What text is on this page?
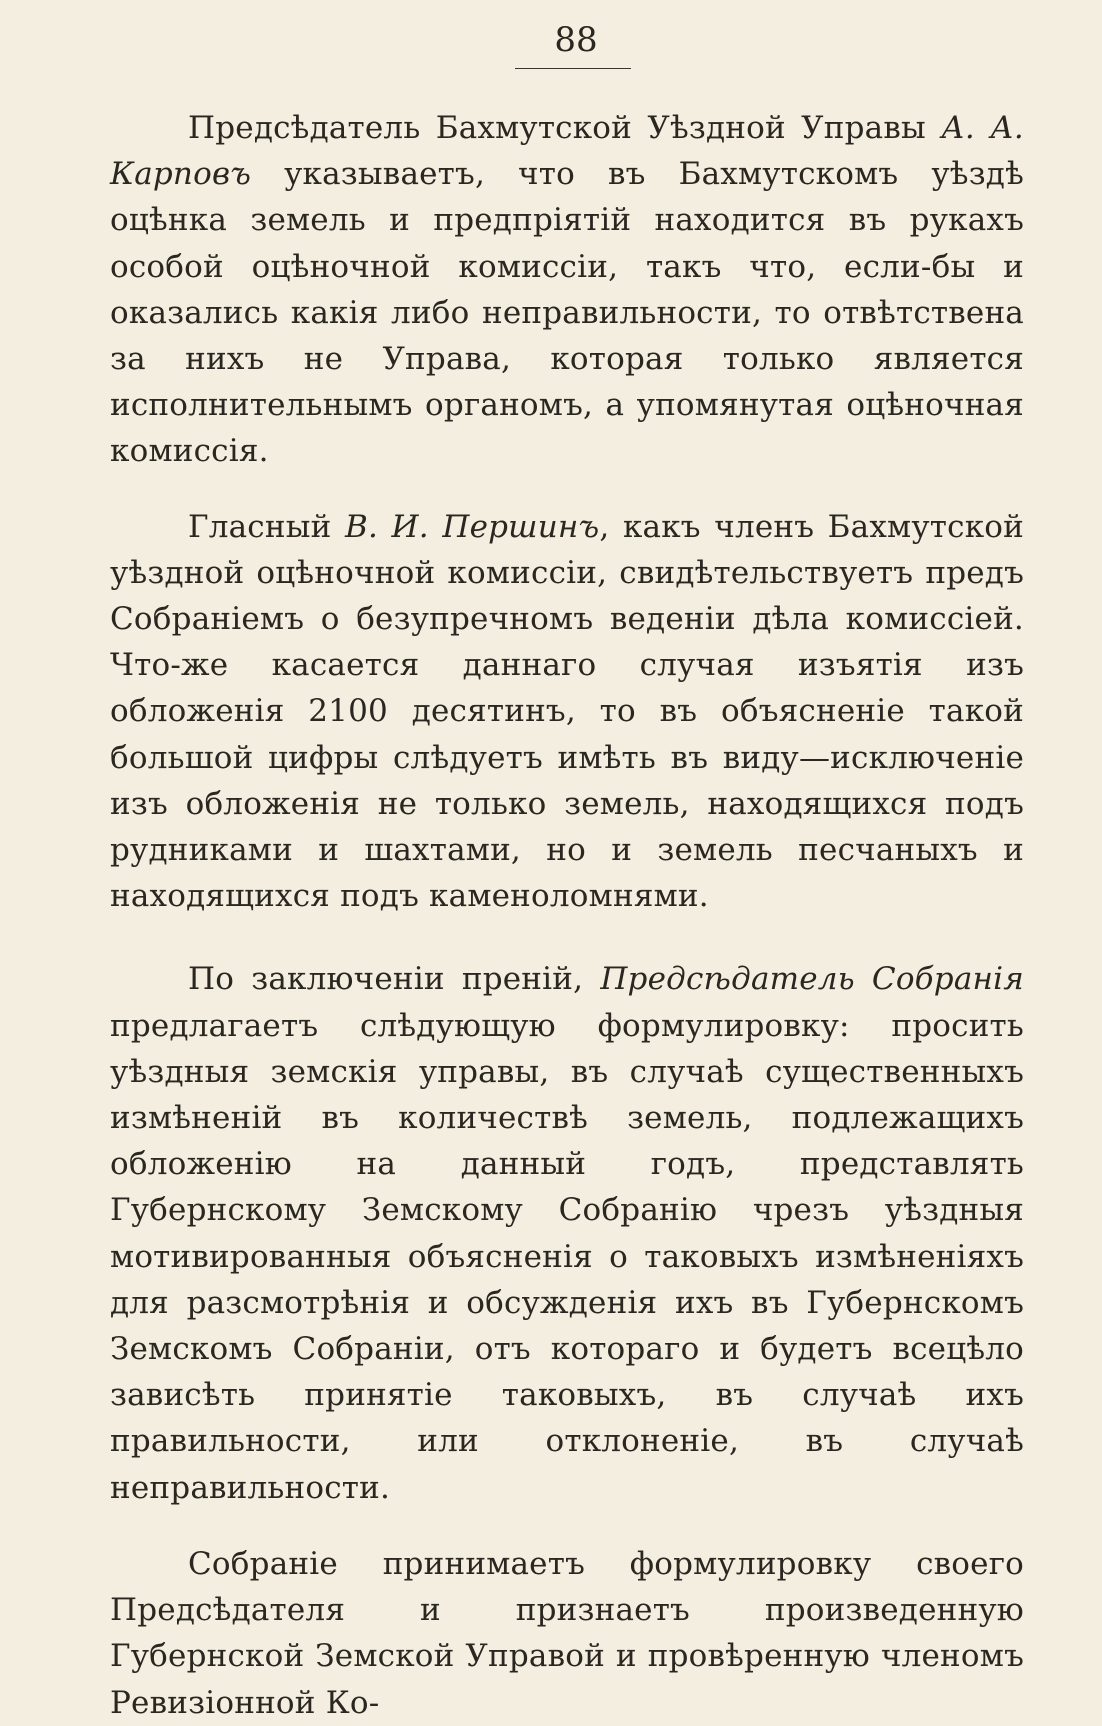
88

Предсѣдатель Бахмутской Уѣздной Управы А. А. Карповъ указываетъ, что въ Бахмутскомъ уѣздѣ оцѣнка земель и предпріятій находится въ рукахъ особой оцѣночной комиссіи, такъ что, если-бы и оказались какія либо неправильности, то отвѣтствена за нихъ не Управа, которая только является исполнительнымъ органомъ, а упомянутая оцѣночная комиссія.

Гласный В. И. Першинъ, какъ членъ Бахмутской уѣздной оцѣночной комиссіи, свидѣтельствуетъ предъ Собраніемъ о безупречномъ веденіи дѣла комиссіей. Что-же касается даннаго случая изъятія изъ обложенія 2100 десятинъ, то въ объясненіе такой большой цифры слѣдуетъ имѣть въ виду—исключеніе изъ обложенія не только земель, находящихся подъ рудниками и шахтами, но и земель песчаныхъ и находящихся подъ каменоломнями.

По заключеніи преній, Предсѣдатель Собранія предлагаетъ слѣдующую формулировку: просить уѣздныя земскія управы, въ случаѣ существенныхъ измѣненій въ количествѣ земель, подлежащихъ обложенію на данный годъ, представлять Губернскому Земскому Собранію чрезъ уѣздныя мотивированныя объясненія о таковыхъ измѣненіяхъ для разсмотрѣнія и обсужденія ихъ въ Губернскомъ Земскомъ Собраніи, отъ котораго и будетъ всецѣло зависѣть принятіе таковыхъ, въ случаѣ ихъ правильности, или отклоненіе, въ случаѣ неправильности.

Собраніе принимаетъ формулировку своего Предсѣдателя и признаетъ произведенную Губернской Земской Управой и провѣренную членомъ Ревизіонной Ко-
